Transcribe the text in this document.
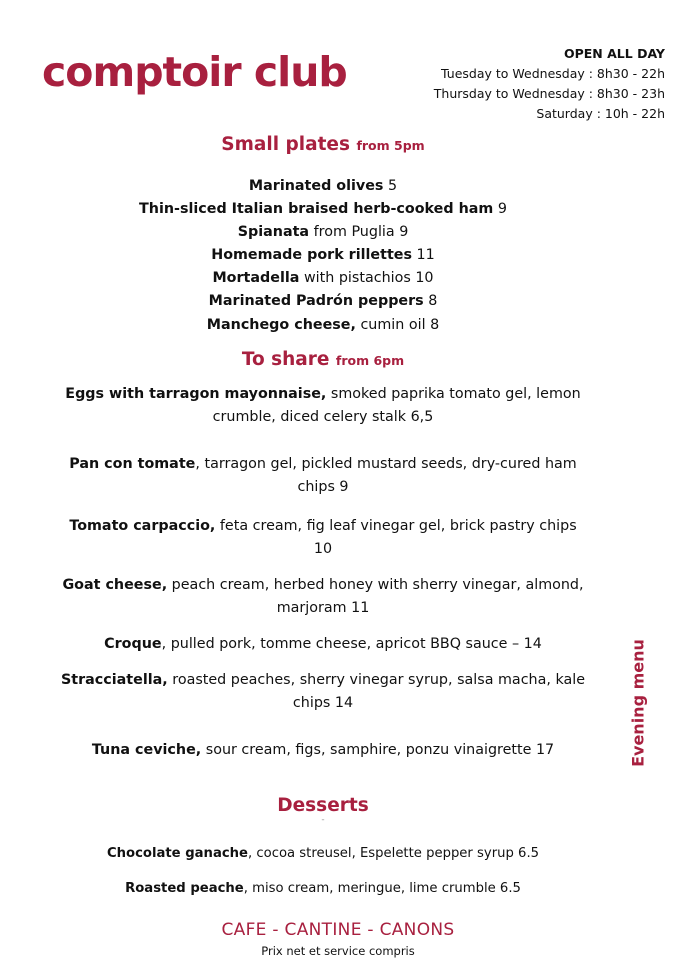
comptoir club	OPEN ALL DAY
Tuesday to Wednesday : 8h30 - 22h
Thursday to Wednesday : 8h30 - 23h
Saturday : 10h - 22h
Small plates from 5pm
Marinated olives 5
Thin-sliced Italian braised herb-cooked ham 9
Spianata from Puglia 9
Homemade pork rillettes 11
Mortadella with pistachios 10
Marinated Padrón peppers 8
Manchego cheese, cumin oil 8
To share from 6pm
Eggs with tarragon mayonnaise, smoked paprika tomato gel, lemon crumble, diced celery stalk 6,5
Pan con tomate, tarragon gel, pickled mustard seeds, dry-cured ham chips 9
Tomato carpaccio, feta cream, fig leaf vinegar gel, brick pastry chips 10
Goat cheese, peach cream, herbed honey with sherry vinegar, almond, marjoram 11
Croque, pulled pork, tomme cheese, apricot BBQ sauce – 14
Stracciatella, roasted peaches, sherry vinegar syrup, salsa macha, kale chips 14
Tuna ceviche, sour cream, figs, samphire, ponzu vinaigrette 17
Desserts
-
Chocolate ganache, cocoa streusel, Espelette pepper syrup 6.5
Roasted peache, miso cream, meringue, lime crumble 6.5
Evening menu
CAFE - CANTINE - CANONS
Prix net et service compris
